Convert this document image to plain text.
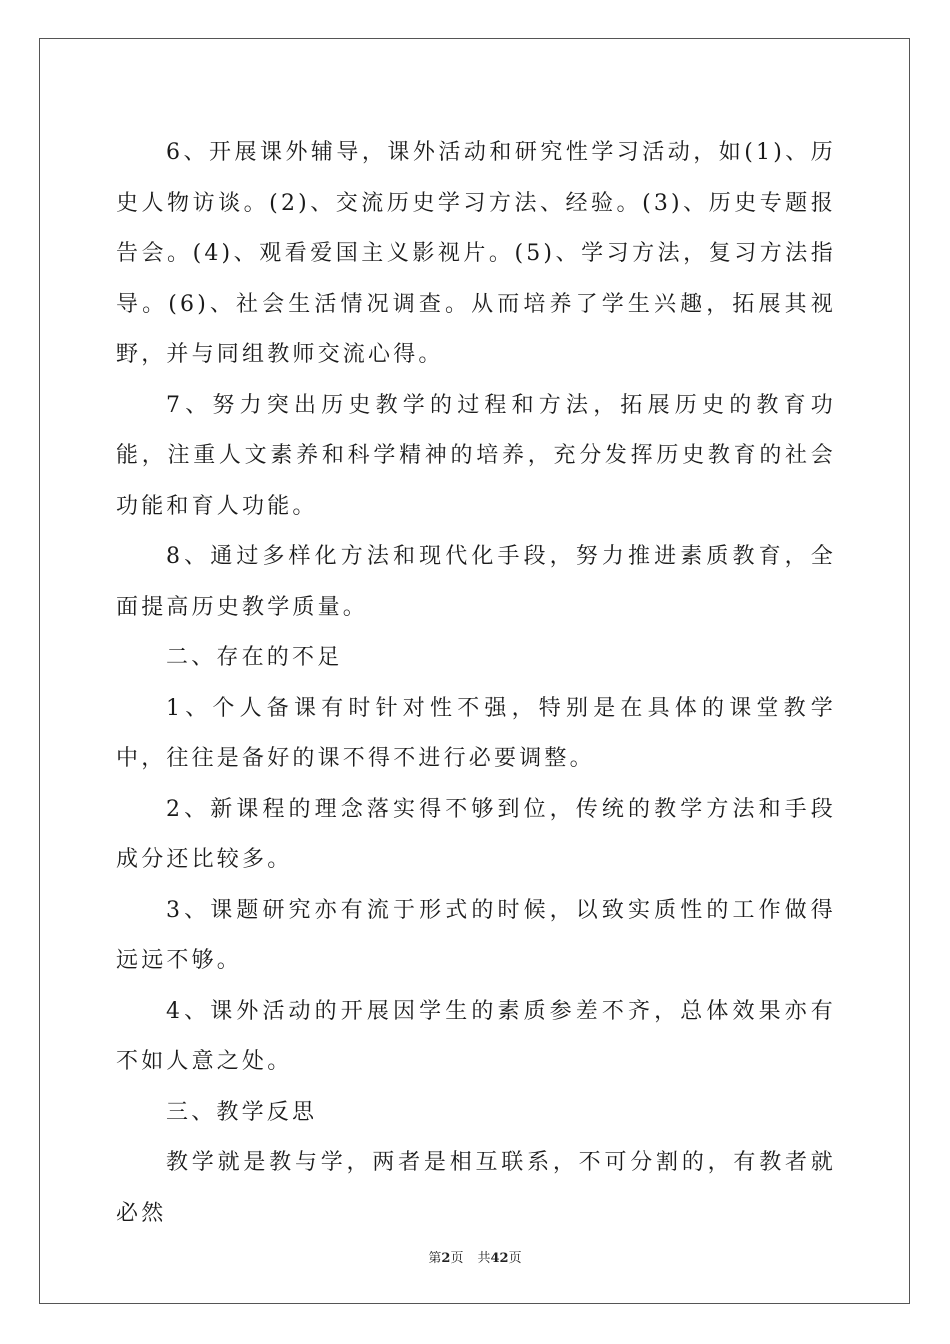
6、开展课外辅导，课外活动和研究性学习活动，如(1)、历史人物访谈。(2)、交流历史学习方法、经验。(3)、历史专题报告会。(4)、观看爱国主义影视片。(5)、学习方法，复习方法指导。(6)、社会生活情况调查。从而培养了学生兴趣，拓展其视野，并与同组教师交流心得。

7、努力突出历史教学的过程和方法，拓展历史的教育功能，注重人文素养和科学精神的培养，充分发挥历史教育的社会功能和育人功能。

8、通过多样化方法和现代化手段，努力推进素质教育，全面提高历史教学质量。

二、存在的不足

1、个人备课有时针对性不强，特别是在具体的课堂教学中，往往是备好的课不得不进行必要调整。

2、新课程的理念落实得不够到位，传统的教学方法和手段成分还比较多。

3、课题研究亦有流于形式的时候，以致实质性的工作做得远远不够。

4、课外活动的开展因学生的素质参差不齐，总体效果亦有不如人意之处。

三、教学反思

教学就是教与学，两者是相互联系，不可分割的，有教者就必然

第2页 共42页
